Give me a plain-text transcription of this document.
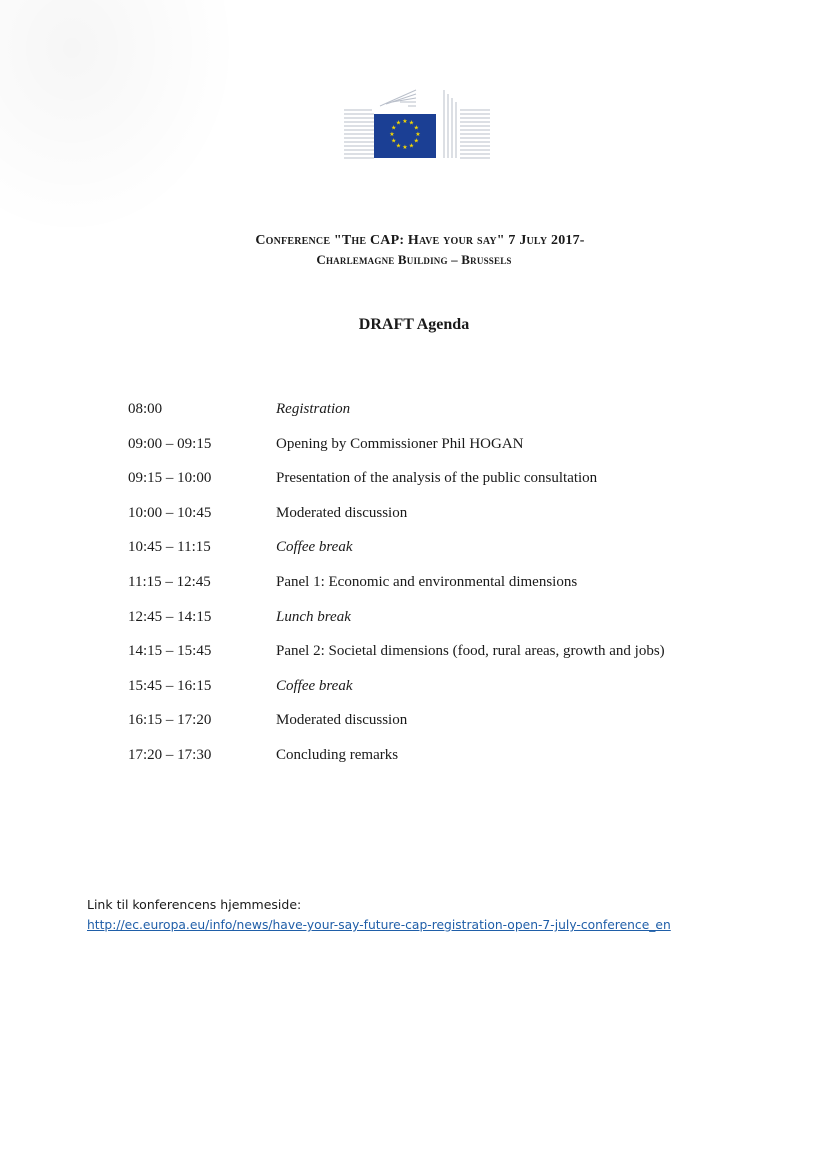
★ ★
★
★
★
★
★
★
★
★
★
★
Conference "The CAP: Have your say" 7 July 2017-
Charlemagne Building – Brussels
DRAFT Agenda
08:00	Registration
09:00 – 09:15	Opening by Commissioner Phil HOGAN
09:15 – 10:00	Presentation of the analysis of the public consultation
10:00 – 10:45	Moderated discussion
10:45 – 11:15	Coffee break
11:15 – 12:45	Panel 1: Economic and environmental dimensions
12:45 – 14:15	Lunch break
14:15 – 15:45	Panel 2: Societal dimensions (food, rural areas, growth and jobs)
15:45 – 16:15	Coffee break
16:15 – 17:20	Moderated discussion
17:20 – 17:30	Concluding remarks
Link til konferencens hjemmeside:
http://ec.europa.eu/info/news/have-your-say-future-cap-registration-open-7-july-conference_en
